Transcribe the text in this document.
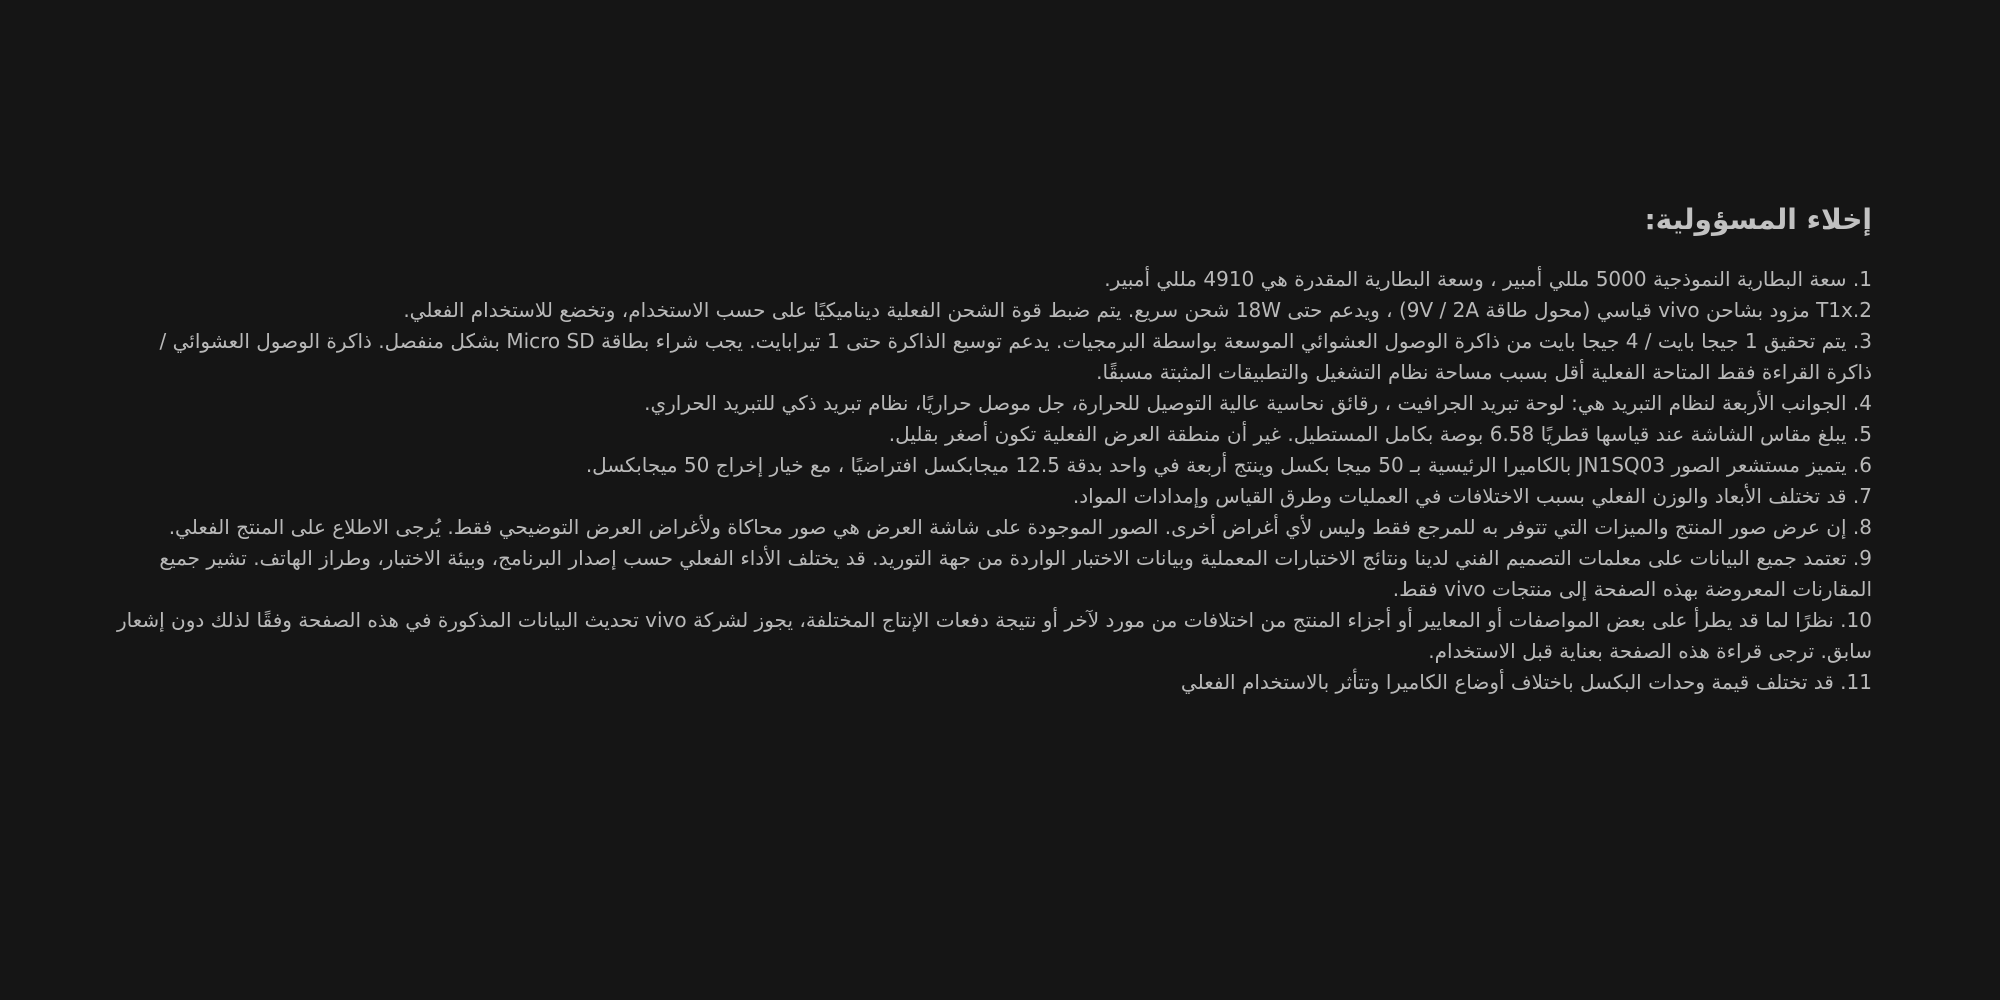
إخلاء المسؤولية:
1. سعة البطارية النموذجية 5000 مللي أمبير ، وسعة البطارية المقدرة هي 4910 مللي أمبير.
T1x.2 مزود بشاحن vivo قياسي (محول طاقة 9V / 2A) ، ويدعم حتى 18W شحن سريع. يتم ضبط قوة الشحن الفعلية ديناميكيًا على حسب الاستخدام، وتخضع للاستخدام الفعلي.
3. يتم تحقيق 1 جيجا بايت / 4 جيجا بايت من ذاكرة الوصول العشوائي الموسعة بواسطة البرمجيات. يدعم توسيع الذاكرة حتى 1 تيرابايت. يجب شراء بطاقة Micro SD بشكل منفصل. ذاكرة الوصول العشوائي / ذاكرة القراءة فقط المتاحة الفعلية أقل بسبب مساحة نظام التشغيل والتطبيقات المثبتة مسبقًا.
4. الجوانب الأربعة لنظام التبريد هي: لوحة تبريد الجرافيت ، رقائق نحاسية عالية التوصيل للحرارة، جل موصل حراريًا، نظام تبريد ذكي للتبريد الحراري.
5. يبلغ مقاس الشاشة عند قياسها قطريًا 6.58 بوصة بكامل المستطيل. غير أن منطقة العرض الفعلية تكون أصغر بقليل.
6. يتميز مستشعر الصور JN1SQ03 بالكاميرا الرئيسية بـ 50 ميجا بكسل وينتج أربعة في واحد بدقة 12.5 ميجابكسل افتراضيًا ، مع خيار إخراج 50 ميجابكسل.
7. قد تختلف الأبعاد والوزن الفعلي بسبب الاختلافات في العمليات وطرق القياس وإمدادات المواد.
8. إن عرض صور المنتج والميزات التي تتوفر به للمرجع فقط وليس لأي أغراض أخرى. الصور الموجودة على شاشة العرض هي صور محاكاة ولأغراض العرض التوضيحي فقط. يُرجى الاطلاع على المنتج الفعلي.
9. تعتمد جميع البيانات على معلمات التصميم الفني لدينا ونتائج الاختبارات المعملية وبيانات الاختبار الواردة من جهة التوريد. قد يختلف الأداء الفعلي حسب إصدار البرنامج، وبيئة الاختبار، وطراز الهاتف. تشير جميع المقارنات المعروضة بهذه الصفحة إلى منتجات vivo فقط.
10. نظرًا لما قد يطرأ على بعض المواصفات أو المعايير أو أجزاء المنتج من اختلافات من مورد لآخر أو نتيجة دفعات الإنتاج المختلفة، يجوز لشركة vivo تحديث البيانات المذكورة في هذه الصفحة وفقًا لذلك دون إشعار سابق. ترجى قراءة هذه الصفحة بعناية قبل الاستخدام.
11. قد تختلف قيمة وحدات البكسل باختلاف أوضاع الكاميرا وتتأثر بالاستخدام الفعلي
